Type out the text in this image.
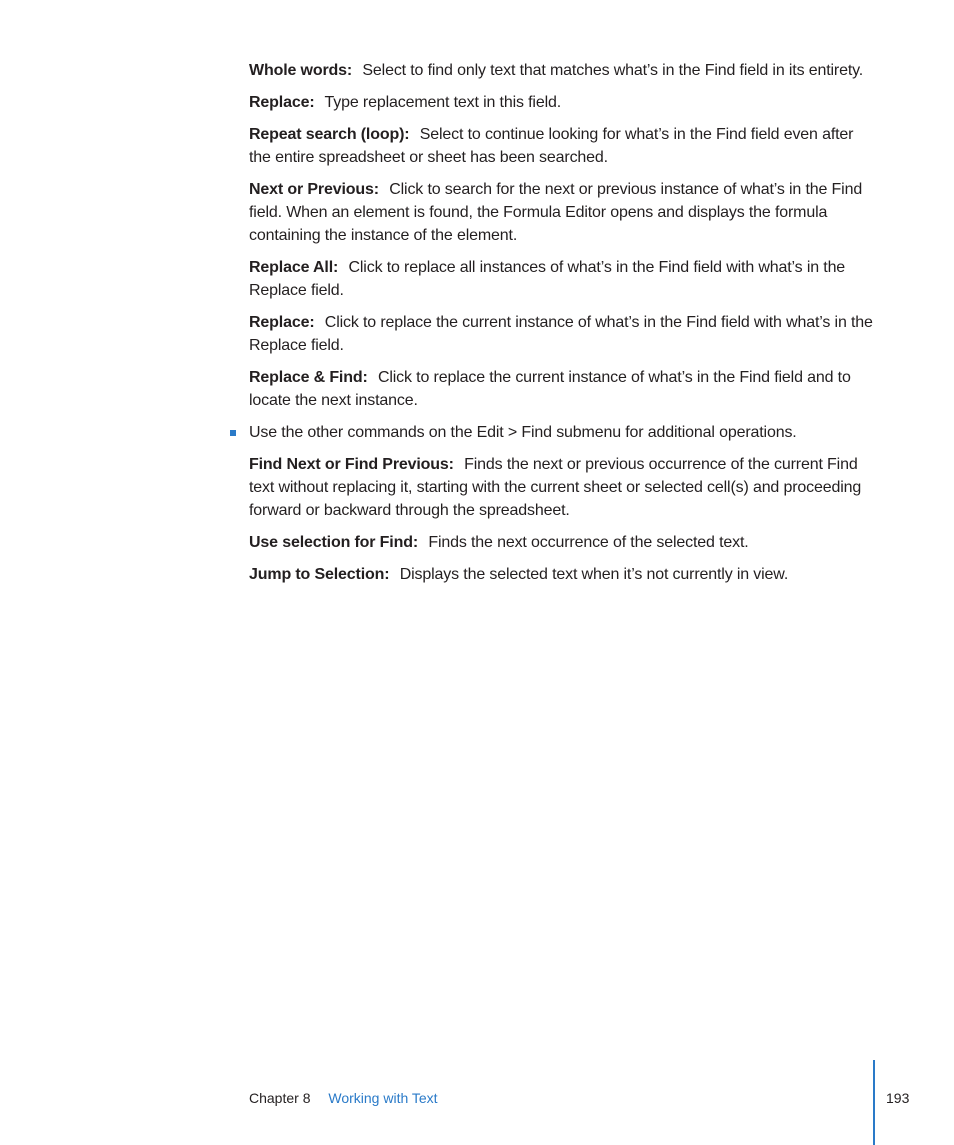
Whole words: Select to find only text that matches what’s in the Find field in its entirety.

Replace: Type replacement text in this field.

Repeat search (loop): Select to continue looking for what’s in the Find field even after the entire spreadsheet or sheet has been searched.

Next or Previous: Click to search for the next or previous instance of what’s in the Find field. When an element is found, the Formula Editor opens and displays the formula containing the instance of the element.

Replace All: Click to replace all instances of what’s in the Find field with what’s in the Replace field.

Replace: Click to replace the current instance of what’s in the Find field with what’s in the Replace field.

Replace & Find: Click to replace the current instance of what’s in the Find field and to locate the next instance.

Use the other commands on the Edit > Find submenu for additional operations.

Find Next or Find Previous: Finds the next or previous occurrence of the current Find text without replacing it, starting with the current sheet or selected cell(s) and proceeding forward or backward through the spreadsheet.

Use selection for Find: Finds the next occurrence of the selected text.

Jump to Selection: Displays the selected text when it’s not currently in view.

Chapter 8 Working with Text	193
